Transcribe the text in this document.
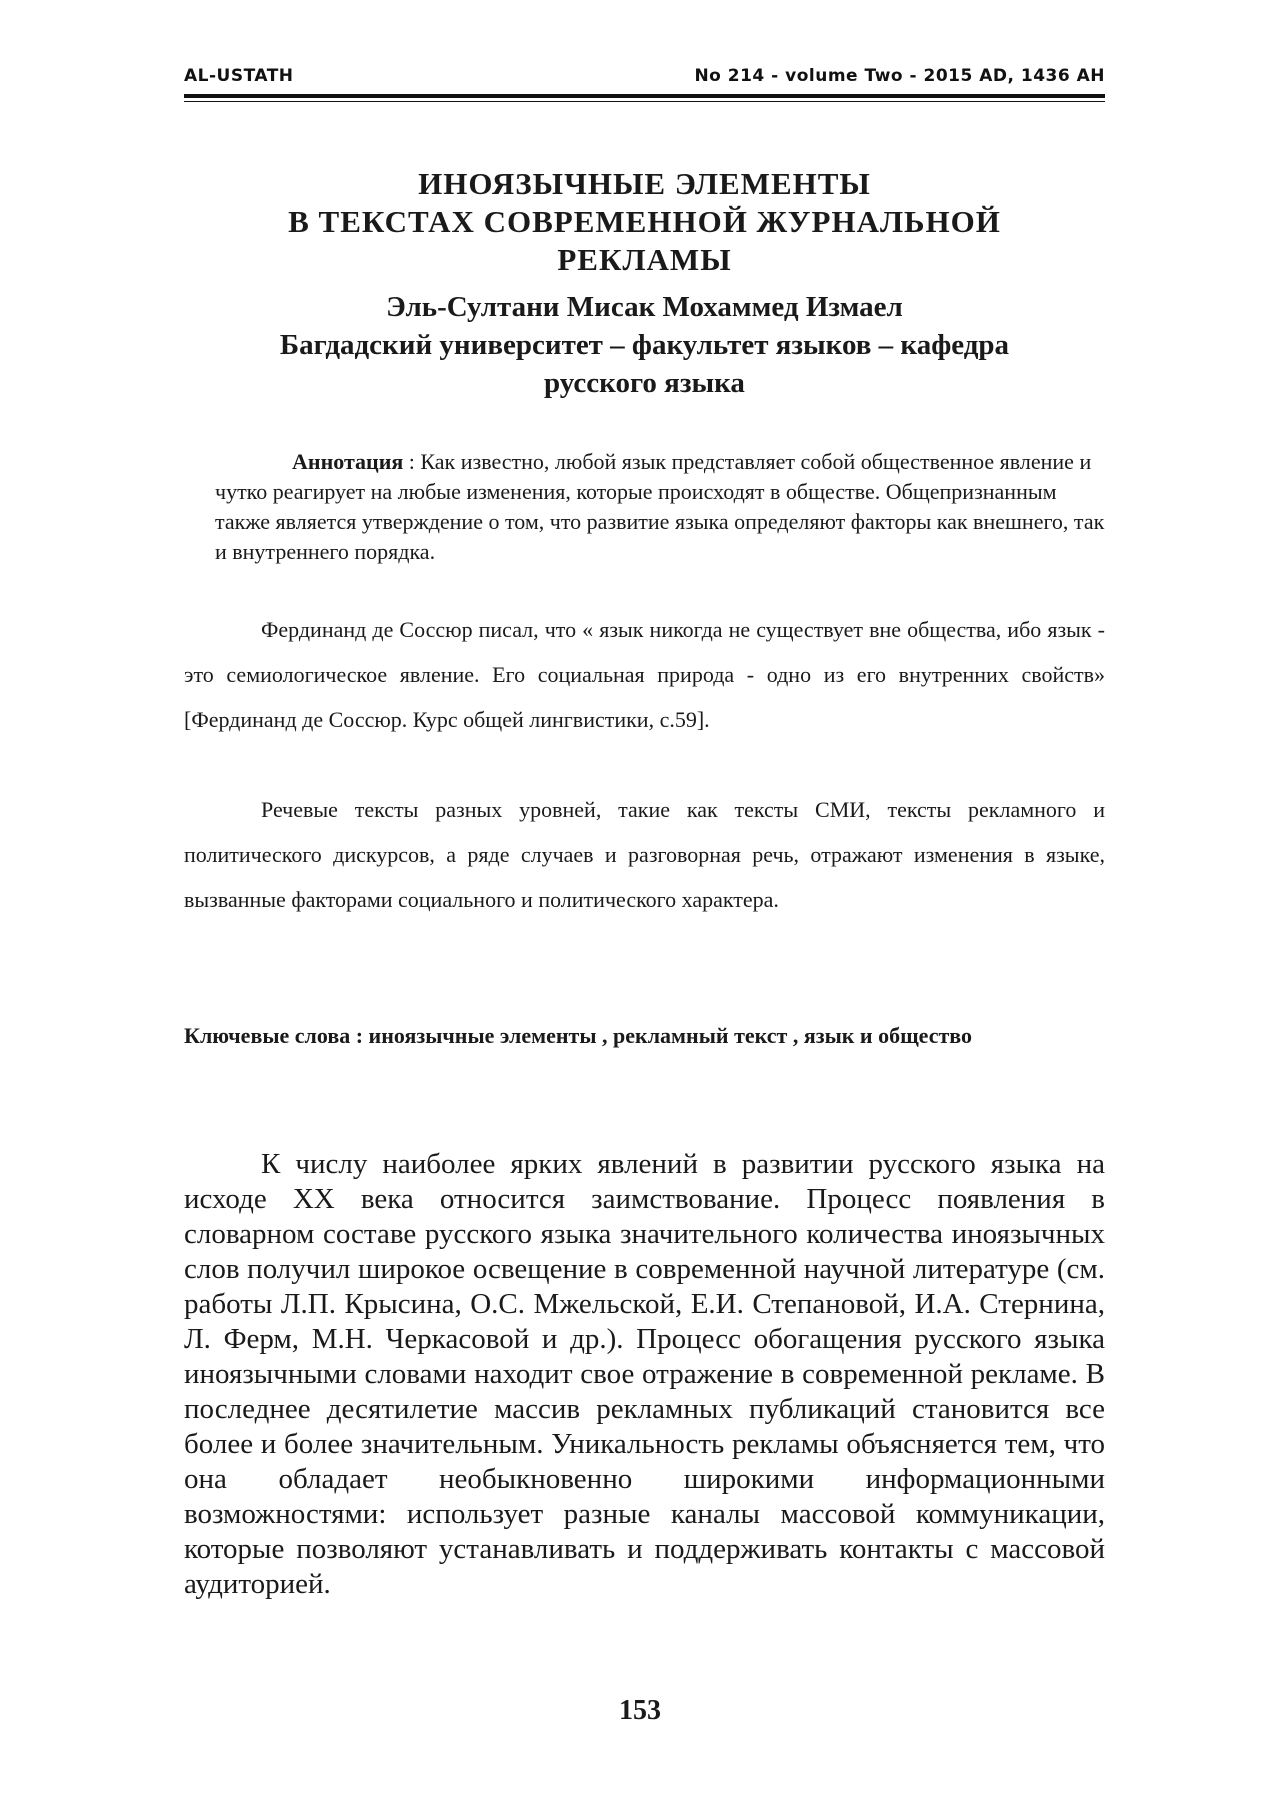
AL-USTATH	No 214 - volume Two - 2015 AD, 1436 AH
ИНОЯЗЫЧНЫЕ ЭЛЕМЕНТЫ
В ТЕКСТАХ СОВРЕМЕННОЙ ЖУРНАЛЬНОЙ
РЕКЛАМЫ
Эль-Султани Мисак Мохаммед Измаел
Багдадский университет – факультет языков – кафедра
русского языка
Аннотация : Как известно, любой язык представляет собой общественное явление и чутко реагирует на любые изменения, которые происходят в обществе. Общепризнанным также является утверждение о том, что развитие языка определяют факторы как внешнего, так и внутреннего порядка.

Фердинанд де Соссюр писал, что « язык никогда не существует вне общества, ибо язык - это семиологическое явление. Его социальная природа - одно из его внутренних свойств» [Фердинанд де Соссюр. Курс общей лингвистики, с.59].

Речевые тексты разных уровней, такие как тексты СМИ, тексты рекламного и политического дискурсов, а ряде случаев и разговорная речь, отражают изменения в языке, вызванные факторами социального и политического характера.

Ключевые слова : иноязычные элементы , рекламный текст , язык и общество

К числу наиболее ярких явлений в развитии русского языка на исходе XX века относится заимствование. Процесс появления в словарном составе русского языка значительного количества иноязычных слов получил широкое освещение в современной научной литературе (см. работы Л.П. Крысина, О.С. Мжельской, Е.И. Степановой, И.А. Стернина, Л. Ферм, М.Н. Черкасовой и др.). Процесс обогащения русского языка иноязычными словами находит свое отражение в современной рекламе. В последнее десятилетие массив рекламных публикаций становится все более и более значительным. Уникальность рекламы объясняется тем, что она обладает необыкновенно широкими информационными возможностями: использует разные каналы массовой коммуникации, которые позволяют устанавливать и поддерживать контакты с массовой аудиторией.

153
